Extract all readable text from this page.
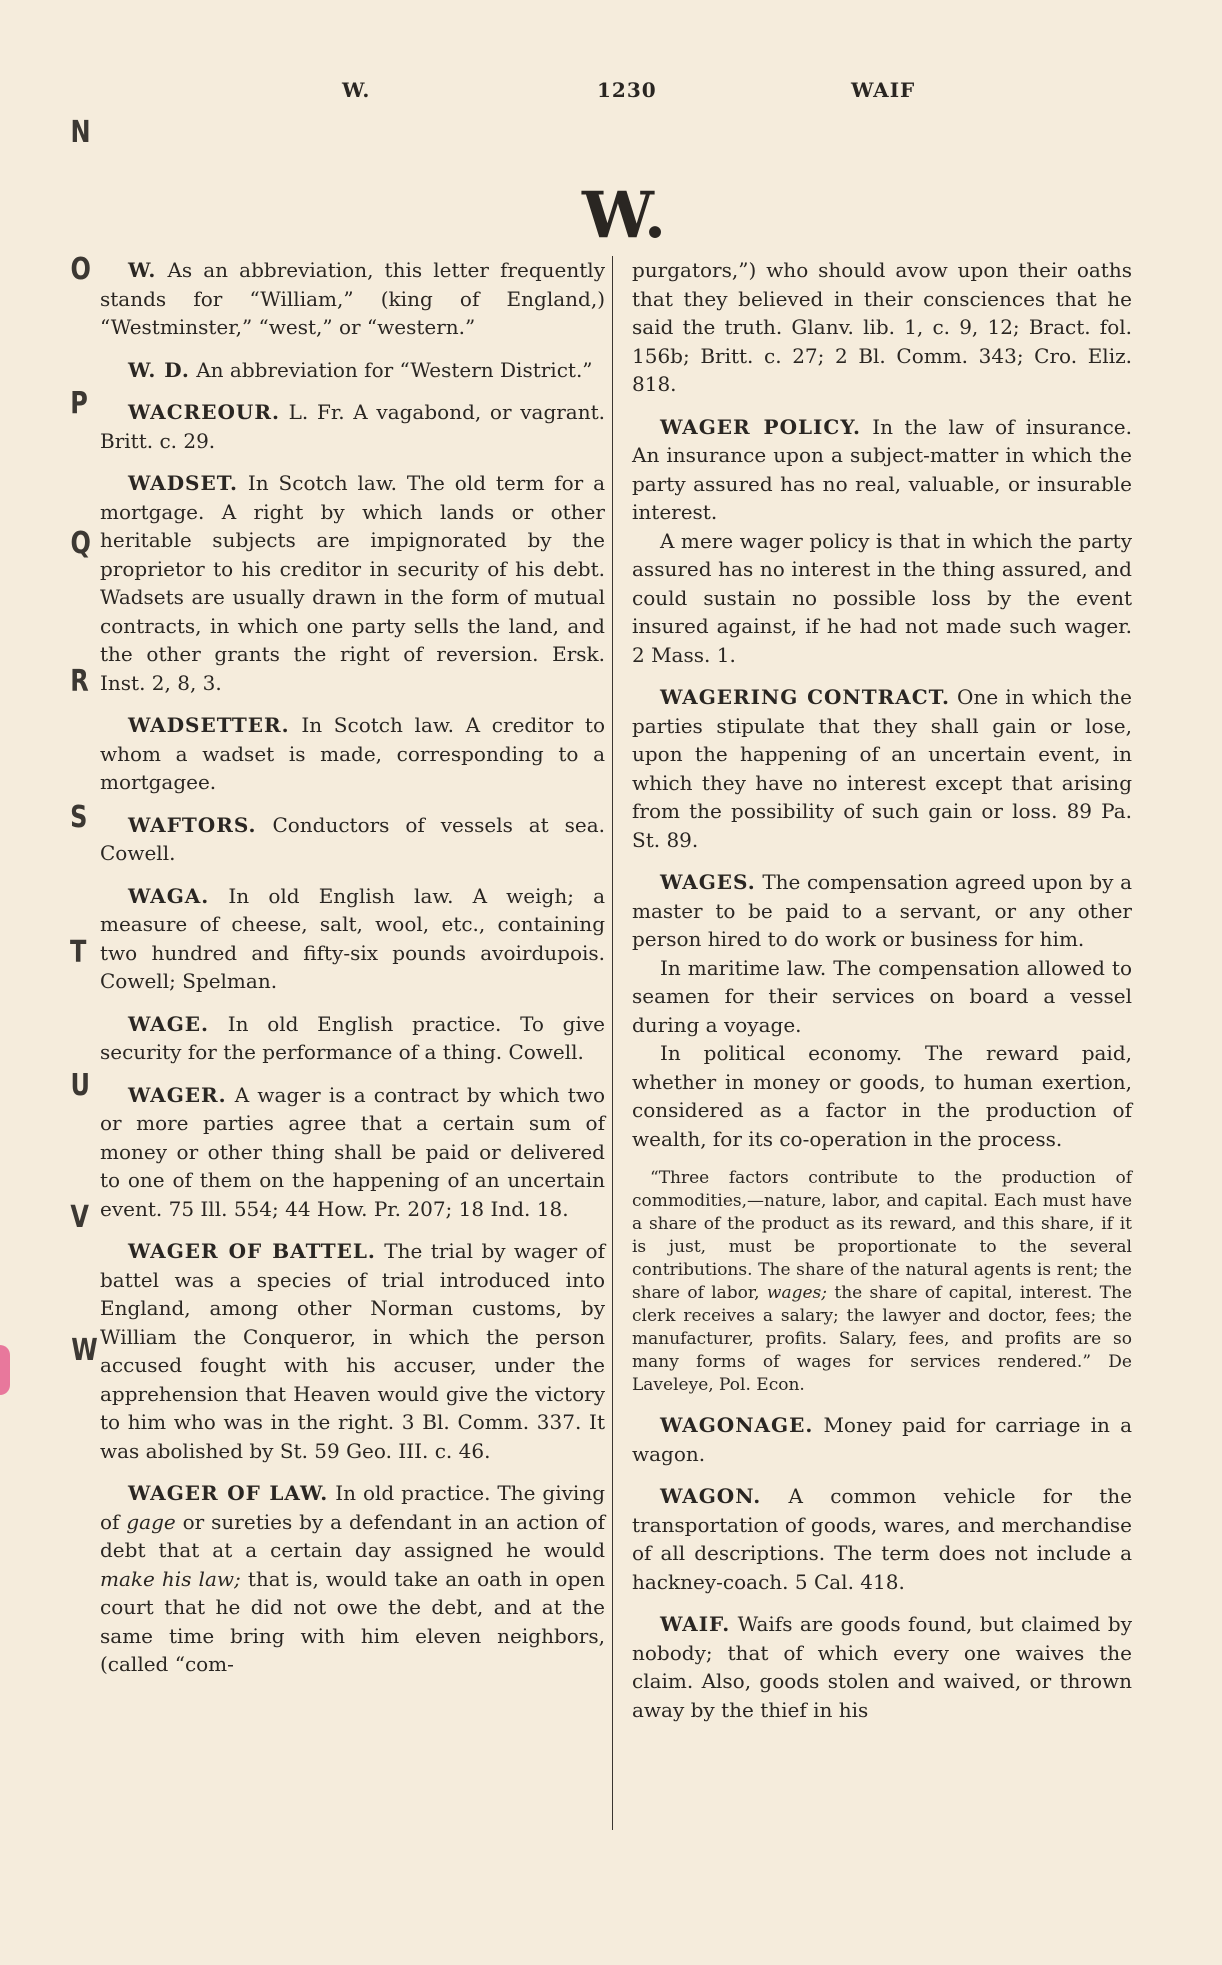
W.	1230	WAIF
W.
N
O
P
Q
R
S
T
U
V
W

W. As an abbreviation, this letter frequently stands for “William,” (king of England,) “Westminster,” “west,” or “western.”

W. D. An abbreviation for “Western District.”

WACREOUR. L. Fr. A vagabond, or vagrant. Britt. c. 29.

WADSET. In Scotch law. The old term for a mortgage. A right by which lands or other heritable subjects are impignorated by the proprietor to his creditor in security of his debt. Wadsets are usually drawn in the form of mutual contracts, in which one party sells the land, and the other grants the right of reversion. Ersk. Inst. 2, 8, 3.

WADSETTER. In Scotch law. A creditor to whom a wadset is made, corresponding to a mortgagee.

WAFTORS. Conductors of vessels at sea. Cowell.

WAGA. In old English law. A weigh; a measure of cheese, salt, wool, etc., containing two hundred and fifty-six pounds avoirdupois. Cowell; Spelman.

WAGE. In old English practice. To give security for the performance of a thing. Cowell.

WAGER. A wager is a contract by which two or more parties agree that a certain sum of money or other thing shall be paid or delivered to one of them on the happening of an uncertain event. 75 Ill. 554; 44 How. Pr. 207; 18 Ind. 18.

WAGER OF BATTEL. The trial by wager of battel was a species of trial introduced into England, among other Norman customs, by William the Conqueror, in which the person accused fought with his accuser, under the apprehension that Heaven would give the victory to him who was in the right. 3 Bl. Comm. 337. It was abolished by St. 59 Geo. III. c. 46.

WAGER OF LAW. In old practice. The giving of gage or sureties by a defendant in an action of debt that at a certain day assigned he would make his law; that is, would take an oath in open court that he did not owe the debt, and at the same time bring with him eleven neighbors, (called “com-

purgators,”) who should avow upon their oaths that they believed in their consciences that he said the truth. Glanv. lib. 1, c. 9, 12; Bract. fol. 156b; Britt. c. 27; 2 Bl. Comm. 343; Cro. Eliz. 818.

WAGER POLICY. In the law of insurance. An insurance upon a subject-matter in which the party assured has no real, valuable, or insurable interest.

A mere wager policy is that in which the party assured has no interest in the thing assured, and could sustain no possible loss by the event insured against, if he had not made such wager. 2 Mass. 1.

WAGERING CONTRACT. One in which the parties stipulate that they shall gain or lose, upon the happening of an uncertain event, in which they have no interest except that arising from the possibility of such gain or loss. 89 Pa. St. 89.

WAGES. The compensation agreed upon by a master to be paid to a servant, or any other person hired to do work or business for him.

In maritime law. The compensation allowed to seamen for their services on board a vessel during a voyage.

In political economy. The reward paid, whether in money or goods, to human exertion, considered as a factor in the production of wealth, for its co-operation in the process.

“Three factors contribute to the production of commodities,—nature, labor, and capital. Each must have a share of the product as its reward, and this share, if it is just, must be proportionate to the several contributions. The share of the natural agents is rent; the share of labor, wages; the share of capital, interest. The clerk receives a salary; the lawyer and doctor, fees; the manufacturer, profits. Salary, fees, and profits are so many forms of wages for services rendered.” De Laveleye, Pol. Econ.

WAGONAGE. Money paid for carriage in a wagon.

WAGON. A common vehicle for the transportation of goods, wares, and merchandise of all descriptions. The term does not include a hackney-coach. 5 Cal. 418.

WAIF. Waifs are goods found, but claimed by nobody; that of which every one waives the claim. Also, goods stolen and waived, or thrown away by the thief in his
